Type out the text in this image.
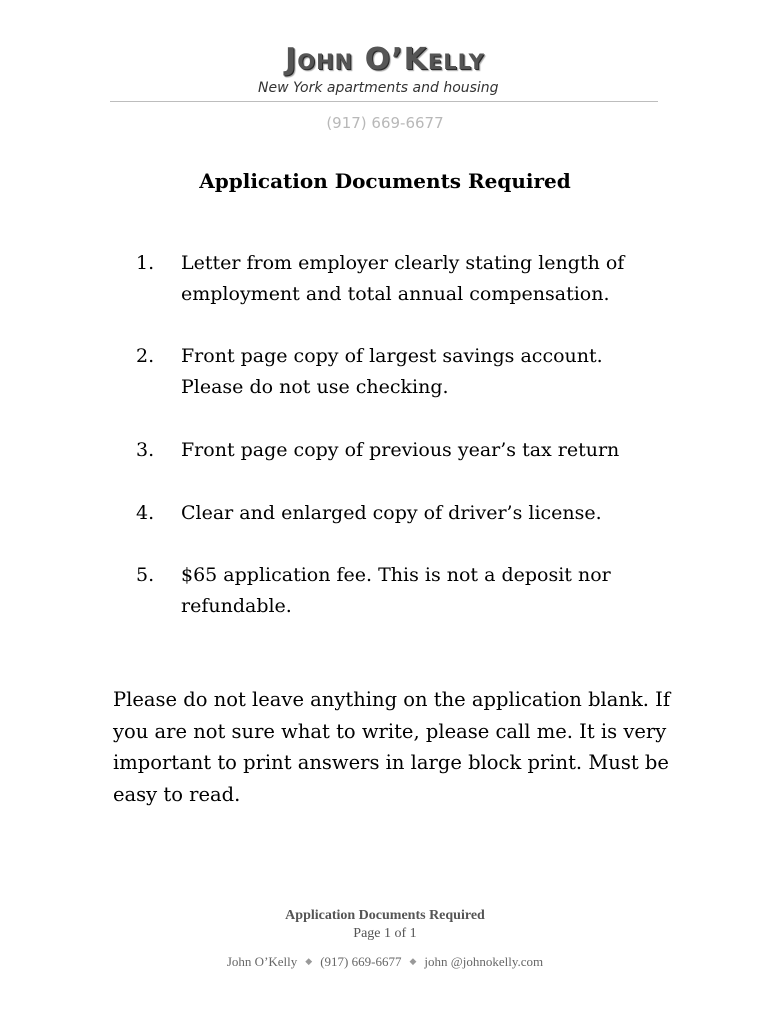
John O’Kelly
New York apartments and housing
(917) 669-6677
Application Documents Required
1.	Letter from employer clearly stating length of employment and total annual compensation.
2.	Front page copy of largest savings account. Please do not use checking.
3.	Front page copy of previous year’s tax return
4.	Clear and enlarged copy of driver’s license.
5.	$65 application fee. This is not a deposit nor refundable.
Please do not leave anything on the application blank. If you are not sure what to write, please call me. It is very important to print answers in large block print. Must be easy to read.
Application Documents Required
Page 1 of 1
John O’Kelly ◆ (917) 669-6677 ◆ john @johnokelly.com
